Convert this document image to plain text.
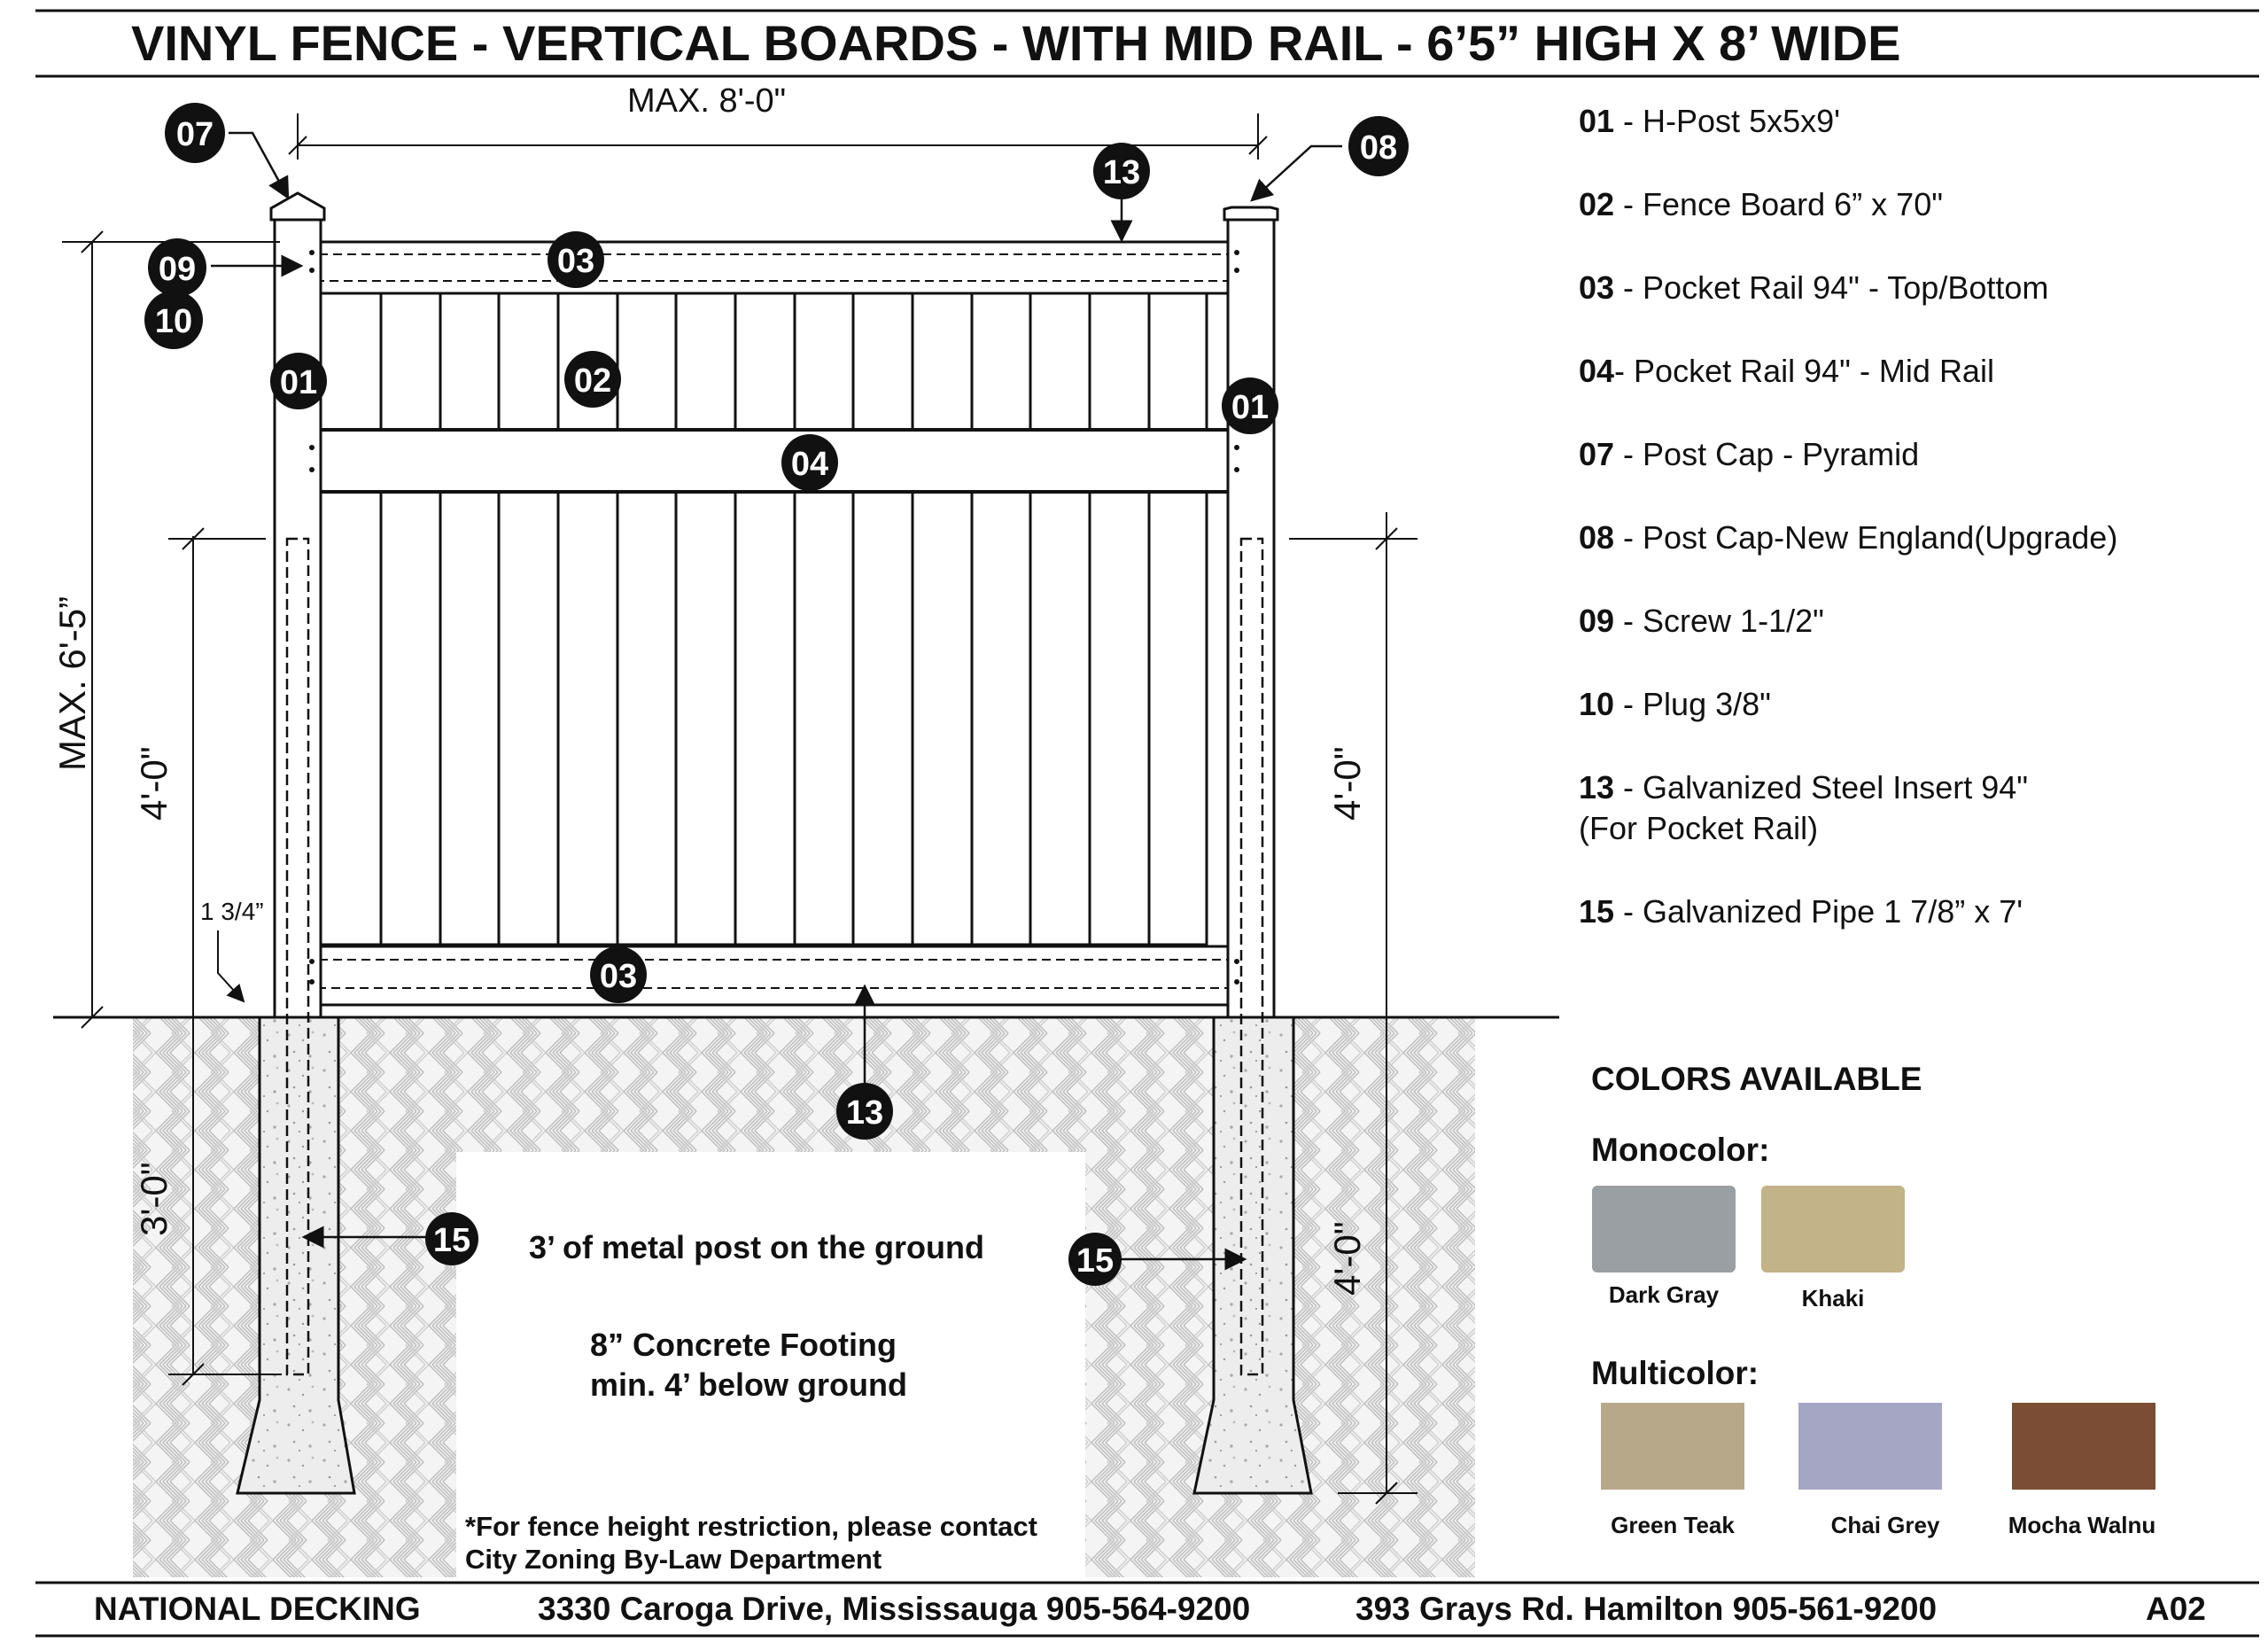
VINYL FENCE - VERTICAL BOARDS - WITH MID RAIL - 6’5” HIGH X 8’ WIDE
MAX. 8'-0"
MAX. 6'-5”
4'-0"	4'-0"
3'-0"
4'-0"
1 3/4”
07	08
13
09
10
03
01	02
01
04
03
13
15
15
3’ of metal post on the ground
8” Concrete Footing
min. 4’ below ground
*For fence height restriction, please contact
City Zoning By-Law Department
01 - H-Post 5x5x9'
02 - Fence Board 6” x 70"
03 - Pocket Rail 94" - Top/Bottom
04- Pocket Rail 94" - Mid Rail
07 - Post Cap - Pyramid
08 - Post Cap-New England(Upgrade)
09 - Screw 1-1/2"
10 - Plug 3/8"
13 - Galvanized Steel Insert 94"
(For Pocket Rail)
15 - Galvanized Pipe 1 7/8” x 7'
COLORS AVAILABLE
Monocolor:
Multicolor:
Dark Gray	Khaki
Green Teak	Chai Grey	Mocha Walnu
NATIONAL DECKING	3330 Caroga Drive, Mississauga 905-564-9200	393 Grays Rd. Hamilton 905-561-9200	A02
